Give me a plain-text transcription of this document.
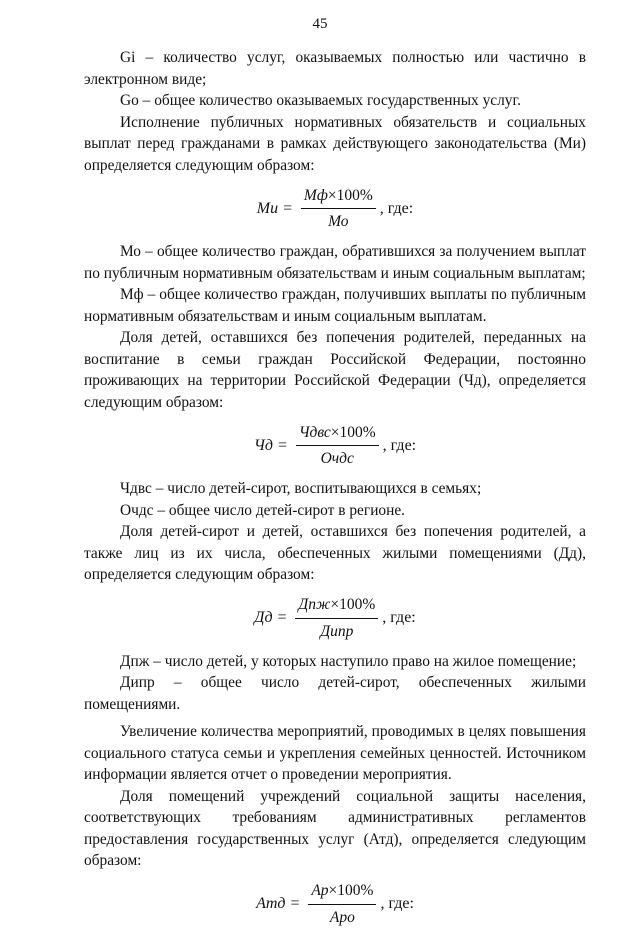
45

Gi – количество услуг, оказываемых полностью или частично в электронном виде;

Go – общее количество оказываемых государственных услуг.

Исполнение публичных нормативных обязательств и социальных выплат перед гражданами в рамках действующего законодательства (Ми) определяется следующим образом:

Ми = $\frac{Мф\times 100\%}{Мо}$ , где:

Мо – общее количество граждан, обратившихся за получением выплат по публичным нормативным обязательствам и иным социальным выплатам;

Мф – общее количество граждан, получивших выплаты по публичным нормативным обязательствам и иным социальным выплатам.

Доля детей, оставшихся без попечения родителей, переданных на воспитание в семьи граждан Российской Федерации, постоянно проживающих на территории Российской Федерации (Чд), определяется следующим образом:

Чд = $\frac{\text{Чдвс×100\%}}{\text{Очдс}}$ , где:

Чдвс – число детей-сирот, воспитывающихся в семьях;

Очдс – общее число детей-сирот в регионе.

Доля детей-сирот и детей, оставшихся без попечения родителей, а также лиц из их числа, обеспеченных жилыми помещениями (Дд), определяется следующим образом:

Дд = $\frac{\text{Дпж×100\%}}{\text{Дипр}}$ , где:

Дпж – число детей, у которых наступило право на жилое помещение;

Дипр – общее число детей-сирот, обеспеченных жилыми помещениями.

Увеличение количества мероприятий, проводимых в целях повышения социального статуса семьи и укрепления семейных ценностей. Источником информации является отчет о проведении мероприятия.

Доля помещений учреждений социальной защиты населения, соответствующих требованиям административных регламентов предоставления государственных услуг (Атд), определяется следующим образом:

Атд = $\frac{Ар\times 100\%}{\text{Аро}}$ , где:
